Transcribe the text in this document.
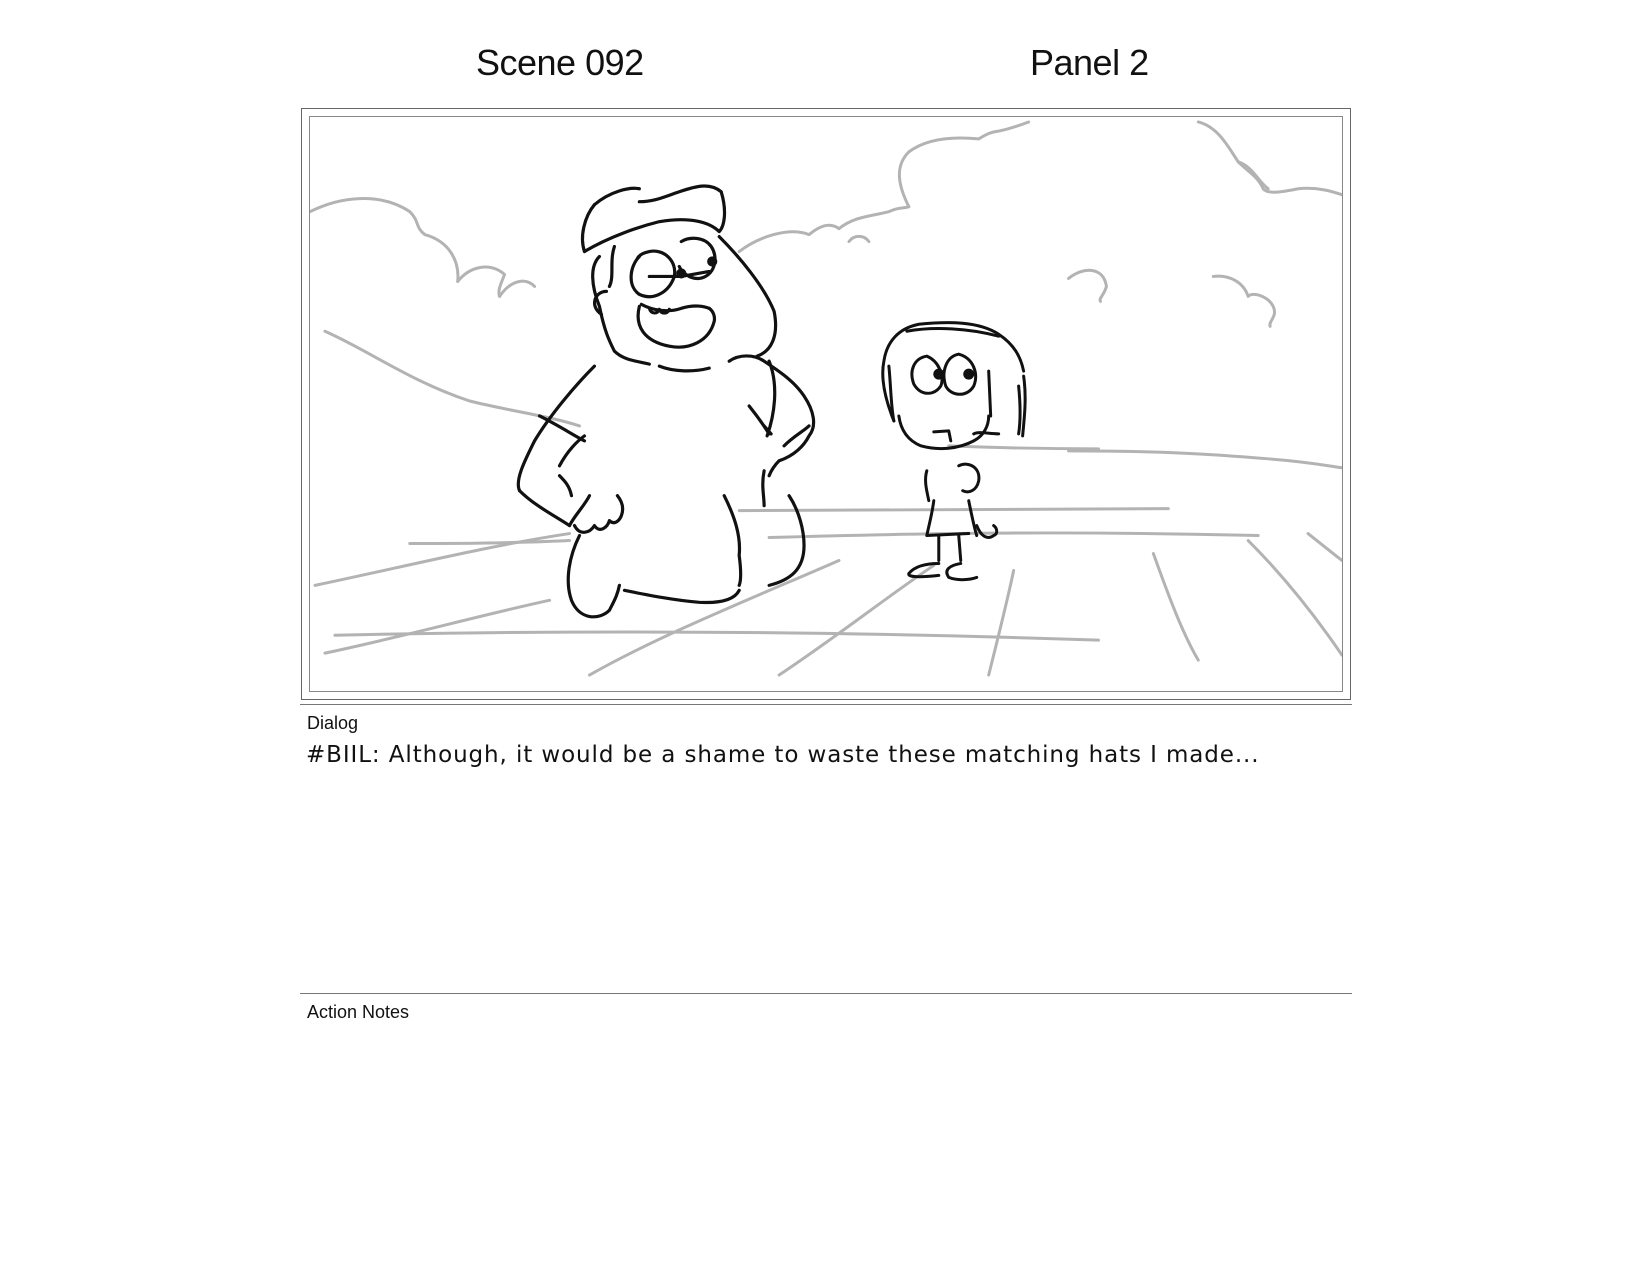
Scene 092	Panel 2
Dialog
#BIIL: Although, it would be a shame to waste these matching hats I made...
Action Notes
